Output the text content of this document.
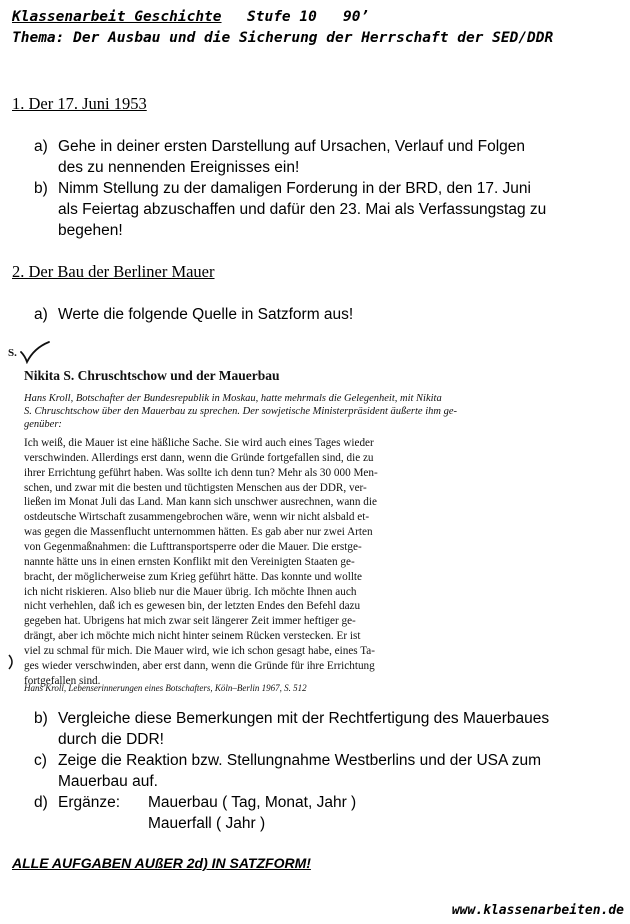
Klassenarbeit Geschichte Stufe 10 90’
Thema: Der Ausbau und die Sicherung der Herrschaft der SED/DDR
1. Der 17. Juni 1953
a) Gehe in deiner ersten Darstellung auf Ursachen, Verlauf und Folgen
des zu nennenden Ereignisses ein!
b) Nimm Stellung zu der damaligen Forderung in der BRD, den 17. Juni
als Feiertag abzuschaffen und dafür den 23. Mai als Verfassungstag zu
begehen!
2. Der Bau der Berliner Mauer
a) Werte die folgende Quelle in Satzform aus!
S.
Nikita S. Chruschtschow und der Mauerbau
Hans Kroll, Botschafter der Bundesrepublik in Moskau, hatte mehrmals die Gelegenheit, mit Nikita
S. Chruschtschow über den Mauerbau zu sprechen. Der sowjetische Ministerpräsident äußerte ihm ge-
genüber:
Ich weiß, die Mauer ist eine häßliche Sache. Sie wird auch eines Tages wieder
verschwinden. Allerdings erst dann, wenn die Gründe fortgefallen sind, die zu
ihrer Errichtung geführt haben. Was sollte ich denn tun? Mehr als 30 000 Men-
schen, und zwar mit die besten und tüchtigsten Menschen aus der DDR, ver-
ließen im Monat Juli das Land. Man kann sich unschwer ausrechnen, wann die
ostdeutsche Wirtschaft zusammengebrochen wäre, wenn wir nicht alsbald et-
was gegen die Massenflucht unternommen hätten. Es gab aber nur zwei Arten
von Gegenmaßnahmen: die Lufttransportsperre oder die Mauer. Die erstge-
nannte hätte uns in einen ernsten Konflikt mit den Vereinigten Staaten ge-
bracht, der möglicherweise zum Krieg geführt hätte. Das konnte und wollte
ich nicht riskieren. Also blieb nur die Mauer übrig. Ich möchte Ihnen auch
nicht verhehlen, daß ich es gewesen bin, der letzten Endes den Befehl dazu
gegeben hat. Ubrigens hat mich zwar seit längerer Zeit immer heftiger ge-
drängt, aber ich möchte mich nicht hinter seinem Rücken verstecken. Er ist
viel zu schmal für mich. Die Mauer wird, wie ich schon gesagt habe, eines Ta-
ges wieder verschwinden, aber erst dann, wenn die Gründe für ihre Errichtung
fortgefallen sind.
Hans Kroll, Lebenserinnerungen eines Botschafters, Köln–Berlin 1967, S. 512
b) Vergleiche diese Bemerkungen mit der Rechtfertigung des Mauerbaues
durch die DDR!
c) Zeige die Reaktion bzw. Stellungnahme Westberlins und der USA zum
Mauerbau auf.
d) Ergänze: Mauerbau ( Tag, Monat, Jahr )
Mauerfall ( Jahr )
ALLE AUFGABEN AUßER 2d) IN SATZFORM!
www.klassenarbeiten.de
